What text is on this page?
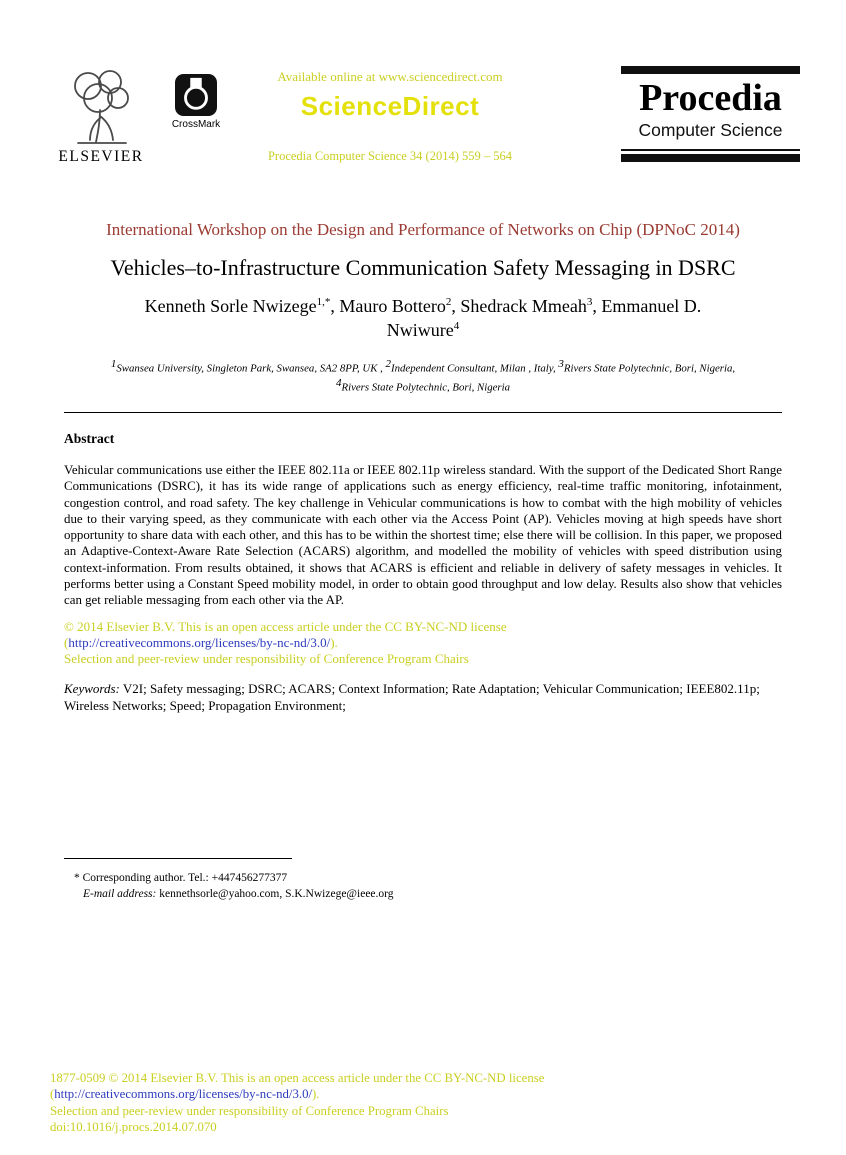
ELSEVIER
CrossMark
Available online at www.sciencedirect.com
ScienceDirect
Procedia Computer Science 34 (2014) 559 – 564
Procedia
Computer Science
International Workshop on the Design and Performance of Networks on Chip (DPNoC 2014)
Vehicles–to-Infrastructure Communication Safety Messaging in DSRC
Kenneth Sorle Nwizege$^{1,*}$, Mauro Bottero$^2$, Shedrack Mmeah$^3$, Emmanuel D. Nwiwure$^4$
$^1$Swansea University, Singleton Park, Swansea, SA2 8PP, UK , $^2$Independent Consultant, Milan , Italy, $^3$Rivers State Polytechnic, Bori, Nigeria,
$^4$Rivers State Polytechnic, Bori, Nigeria
Abstract

Vehicular communications use either the IEEE 802.11a or IEEE 802.11p wireless standard. With the support of the Dedicated Short Range Communications (DSRC), it has its wide range of applications such as energy efficiency, real-time traffic monitoring, infotainment, congestion control, and road safety. The key challenge in Vehicular communications is how to combat with the high mobility of vehicles due to their varying speed, as they communicate with each other via the Access Point (AP). Vehicles moving at high speeds have short opportunity to share data with each other, and this has to be within the shortest time; else there will be collision. In this paper, we proposed an Adaptive-Context-Aware Rate Selection (ACARS) algorithm, and modelled the mobility of vehicles with speed distribution using context-information. From results obtained, it shows that ACARS is efficient and reliable in delivery of safety messages in vehicles. It performs better using a Constant Speed mobility model, in order to obtain good throughput and low delay. Results also show that vehicles can get reliable messaging from each other via the AP.

© 2014 Elsevier B.V. This is an open access article under the CC BY-NC-ND license
(http://creativecommons.org/licenses/by-nc-nd/3.0/).
Selection and peer-review under responsibility of Conference Program Chairs

Keywords: V2I; Safety messaging; DSRC; ACARS; Context Information; Rate Adaptation; Vehicular Communication; IEEE802.11p; Wireless Networks; Speed; Propagation Environment;

* Corresponding author. Tel.: +447456277377
E-mail address: kennethsorle@yahoo.com, S.K.Nwizege@ieee.org
1877-0509 © 2014 Elsevier B.V. This is an open access article under the CC BY-NC-ND license
(http://creativecommons.org/licenses/by-nc-nd/3.0/).
Selection and peer-review under responsibility of Conference Program Chairs
doi:10.1016/j.procs.2014.07.070
